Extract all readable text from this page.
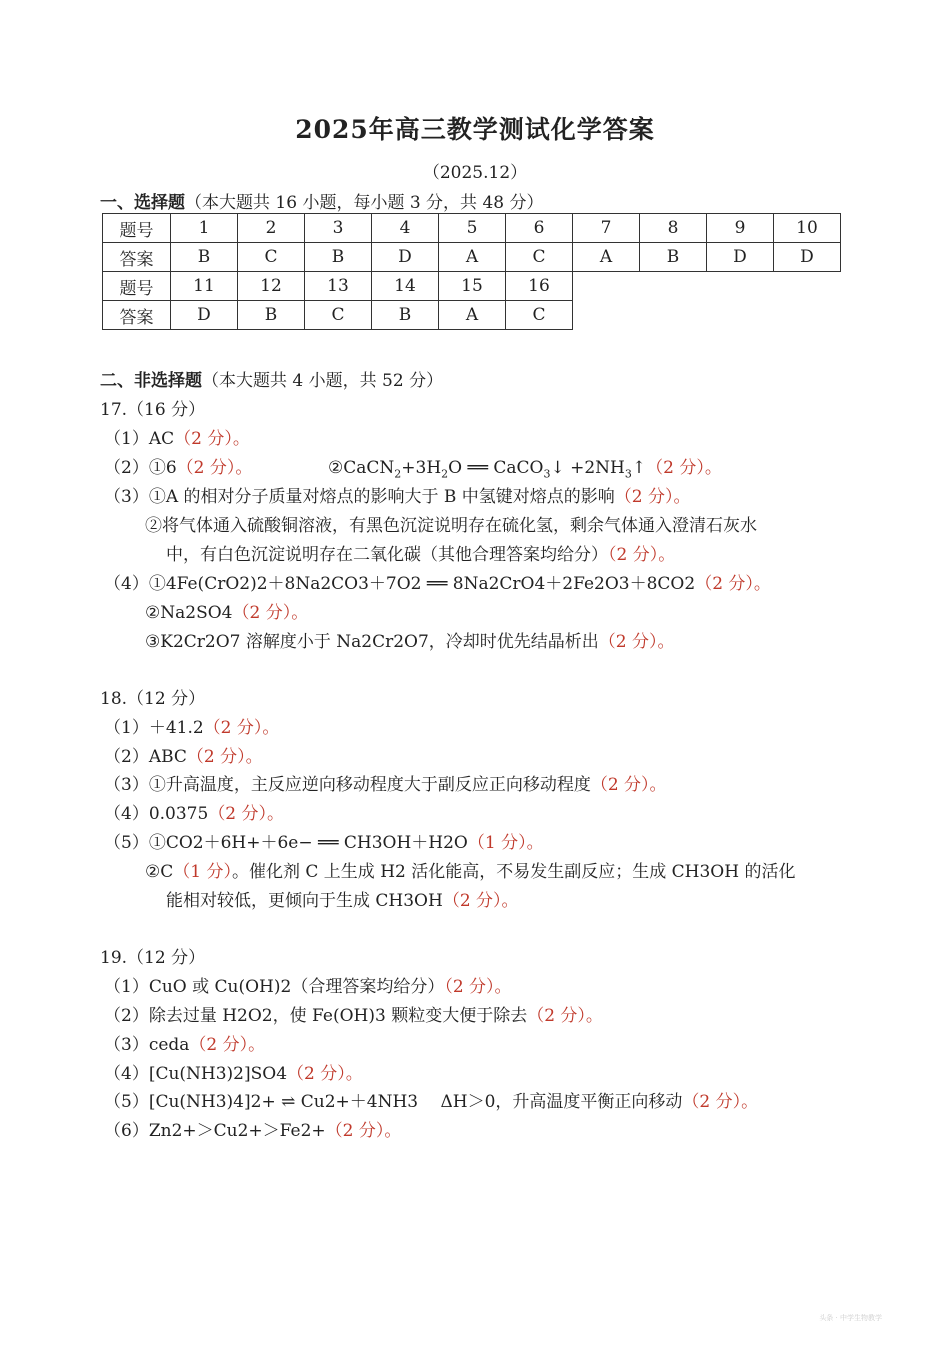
2025年高三教学测试化学答案
（2025.12）
一、选择题（本大题共 16 小题，每小题 3 分，共 48 分）
题号	1	2	3	4	5	6	7	8	9	10
答案	B	C	B	D	A	C	A	B	D	D
题号	11	12	13	14	15	16				
答案	D	B	C	B	A	C				
二、非选择题（本大题共 4 小题，共 52 分）
17.（16 分）
（1）AC（2 分）。
（2）①6（2 分）。	$②CaCN_2+3H_2O$ ══ CaCO$_3$↓ $+2NH_3↑(2$ 分）。
（3）①A 的相对分子质量对熔点的影响大于 B 中氢键对熔点的影响（2 分）。
②将气体通入硫酸铜溶液，有黑色沉淀说明存在硫化氢，剩余气体通入澄清石灰水
中，有白色沉淀说明存在二氧化碳（其他合理答案均给分）（2 分）。
（4）①4Fe(CrO2)2＋8Na2CO3＋7O2 ══ 8Na2CrO4＋2Fe2O3＋8CO2（2 分）。
②Na2SO4（2 分）。
③K2Cr2O7 溶解度小于 Na2Cr2O7，冷却时优先结晶析出（2 分）。
18.（12 分）
（1）＋41.2（2 分）。
（2）ABC（2 分）。
（3）①升高温度，主反应逆向移动程度大于副反应正向移动程度（2 分）。
（4）0.0375（2 分）。
（5）①CO2＋6H+＋6e− ══ CH3OH＋H2O（1 分）。
②C（1 分）。催化剂 C 上生成 H2 活化能高，不易发生副反应；生成 CH3OH 的活化
能相对较低，更倾向于生成 CH3OH（2 分）。
19.（12 分）
（1）CuO 或 Cu(OH)2（合理答案均给分）（2 分）。
（2）除去过量 H2O2，使 Fe(OH)3 颗粒变大便于除去（2 分）。
（3）ceda（2 分）。
（4）[Cu(NH3)2]SO4（2 分）。
（5）[Cu(NH3)4]2+ ⇌ Cu2+＋4NH3　 ΔH＞0，升高温度平衡正向移动（2 分）。
（6）Zn2+＞Cu2+＞Fe2+（2 分）。
头条 · 中学生物教学
